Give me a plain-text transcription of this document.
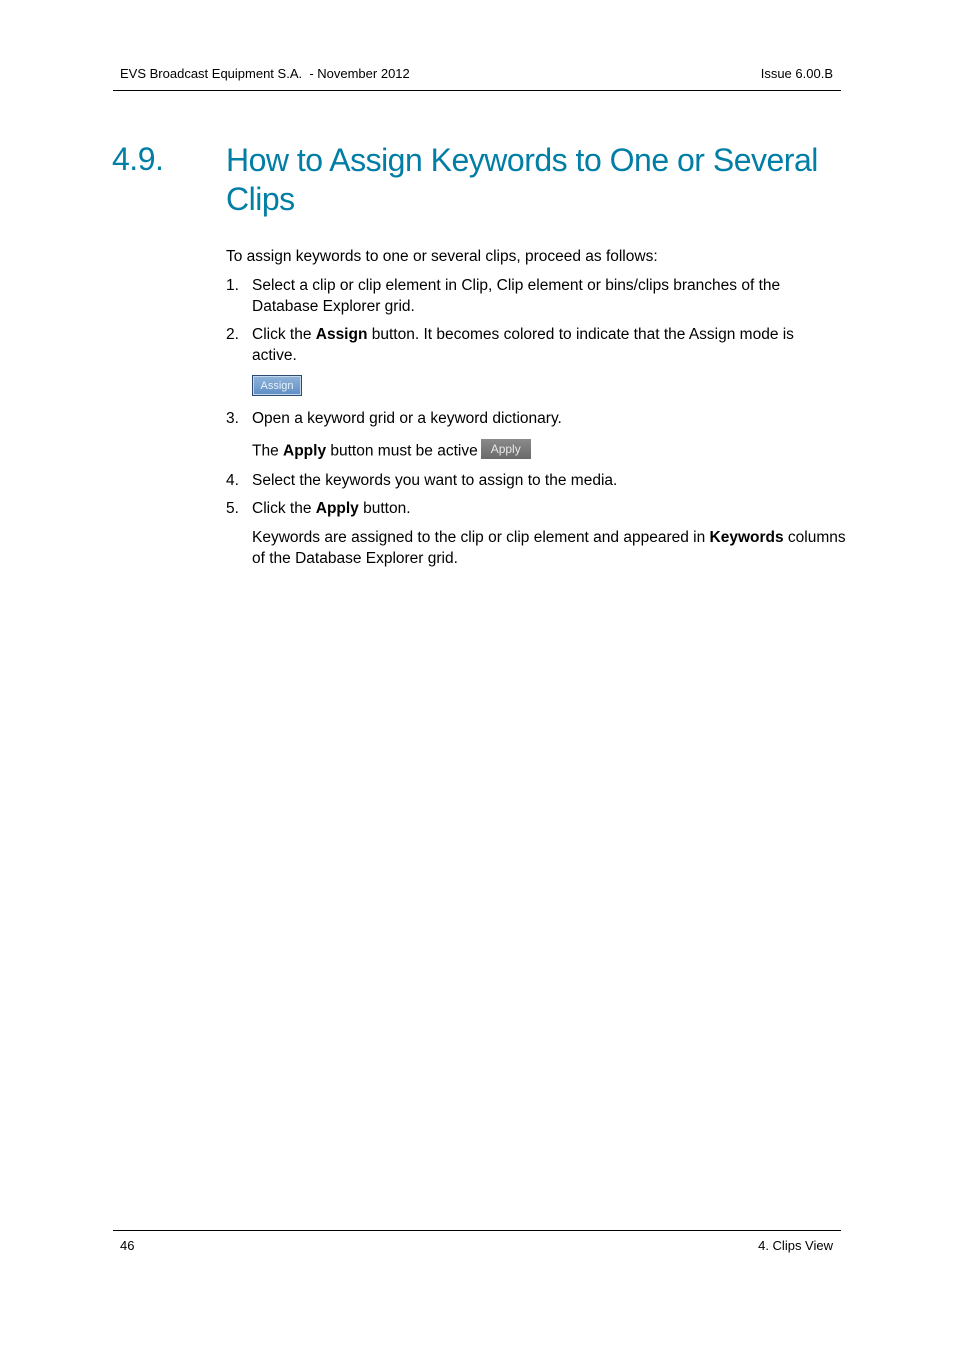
EVS Broadcast Equipment S.A.  - November 2012	Issue 6.00.B
4.9. How to Assign Keywords to One or Several Clips
To assign keywords to one or several clips, proceed as follows:
1. Select a clip or clip element in Clip, Clip element or bins/clips branches of the Database Explorer grid.
2. Click the Assign button. It becomes colored to indicate that the Assign mode is active.
Assign
3. Open a keyword grid or a keyword dictionary.
The Apply button must be active Apply
4. Select the keywords you want to assign to the media.
5. Click the Apply button.
Keywords are assigned to the clip or clip element and appeared in Keywords columns of the Database Explorer grid.
46	4. Clips View
